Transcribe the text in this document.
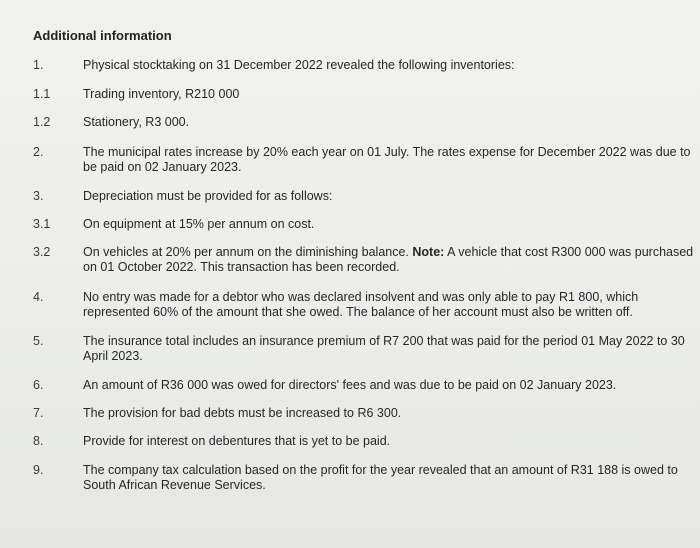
Additional information
1.	Physical stocktaking on 31 December 2022 revealed the following inventories:
1.1	Trading inventory, R210 000
1.2	Stationery, R3 000.
2.	The municipal rates increase by 20% each year on 01 July. The rates expense for December 2022 was due to be paid on 02 January 2023.
3.	Depreciation must be provided for as follows:
3.1	On equipment at 15% per annum on cost.
3.2	On vehicles at 20% per annum on the diminishing balance. Note: A vehicle that cost R300 000 was purchased on 01 October 2022. This transaction has been recorded.
4.	No entry was made for a debtor who was declared insolvent and was only able to pay R1 800, which represented 60% of the amount that she owed. The balance of her account must also be written off.
5.	The insurance total includes an insurance premium of R7 200 that was paid for the period 01 May 2022 to 30 April 2023.
6.	An amount of R36 000 was owed for directors' fees and was due to be paid on 02 January 2023.
7.	The provision for bad debts must be increased to R6 300.
8.	Provide for interest on debentures that is yet to be paid.
9.	The company tax calculation based on the profit for the year revealed that an amount of R31 188 is owed to South African Revenue Services.
